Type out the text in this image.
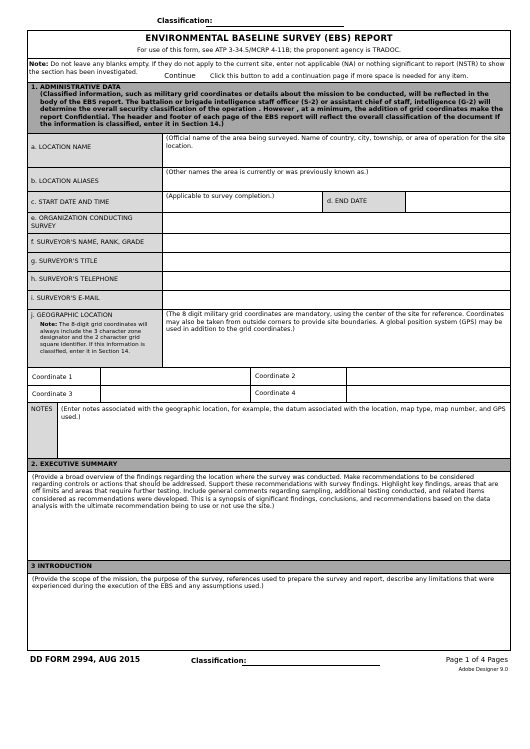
Classification:
ENVIRONMENTAL BASELINE SURVEY (EBS) REPORT
For use of this form, see ATP 3-34.5/MCRP 4-11B; the proponent agency is TRADOC.
Note: Do not leave any blanks empty. If they do not apply to the current site, enter not applicable (NA) or nothing significant to report (NSTR) to show the section has been investigated.	Continue	Click this button to add a continuation page if more space is needed for any item.
1. ADMINISTRATIVE DATA
(Classified information, such as military grid coordinates or details about the mission to be conducted, will be reflected in the body of the EBS report. The battalion or brigade intelligence staff officer (S-2) or assistant chief of staff, intelligence (G-2) will determine the overall security classification of the operation . However , at a minimum, the addition of grid coordinates make the report Confidential. The header and footer of each page of the EBS report will reflect the overall classification of the document If the information is classified, enter it in Section 14.)
a. LOCATION NAME
(Official name of the area being surveyed. Name of country, city, township, or area of operation for the site location.
b. LOCATION ALIASES
(Other names the area is currently or was previously known as.)
c. START DATE AND TIME
(Applicable to survey completion.)
d. END DATE
e. ORGANIZATION CONDUCTING SURVEY
f. SURVEYOR'S NAME, RANK, GRADE
g. SURVEYOR'S TITLE
h. SURVEYOR'S TELEPHONE
i. SURVEYOR'S E-MAIL
j. GEOGRAPHIC LOCATION
Note: The 8-digit grid coordinates will always include the 3 character zone designator and the 2 character grid square identifier. If this information is classified, enter it in Section 14.
(The 8 digit military grid coordinates are mandatory, using the center of the site for reference. Coordinates may also be taken from outside corners to provide site boundaries. A global position system (GPS) may be used in addition to the grid coordinates.)
Coordinate 1	Coordinate 2
Coordinate 3	Coordinate 4
NOTES (Enter notes associated with the geographic location, for example, the datum associated with the location, map type, map number, and GPS used.)
2. EXECUTIVE SUMMARY
(Provide a broad overview of the findings regarding the location where the survey was conducted. Make recommendations to be considered regarding controls or actions that should be addressed. Support these recommendations with survey findings. Highlight key findings, areas that are off limits and areas that require further testing. Include general comments regarding sampling, additional testing conducted, and related items considered as recommendations were developed. This is a synopsis of significant findings, conclusions, and recommendations based on the data analysis with the ultimate recommendation being to use or not use the site.)
3 INTRODUCTION
(Provide the scope of the mission, the purpose of the survey, references used to prepare the survey and report, describe any limitations that were experienced during the execution of the EBS and any assumptions used.)
DD FORM 2994, AUG 2015	Classification:	Page 1 of 4 Pages
Adobe Designer 9.0
